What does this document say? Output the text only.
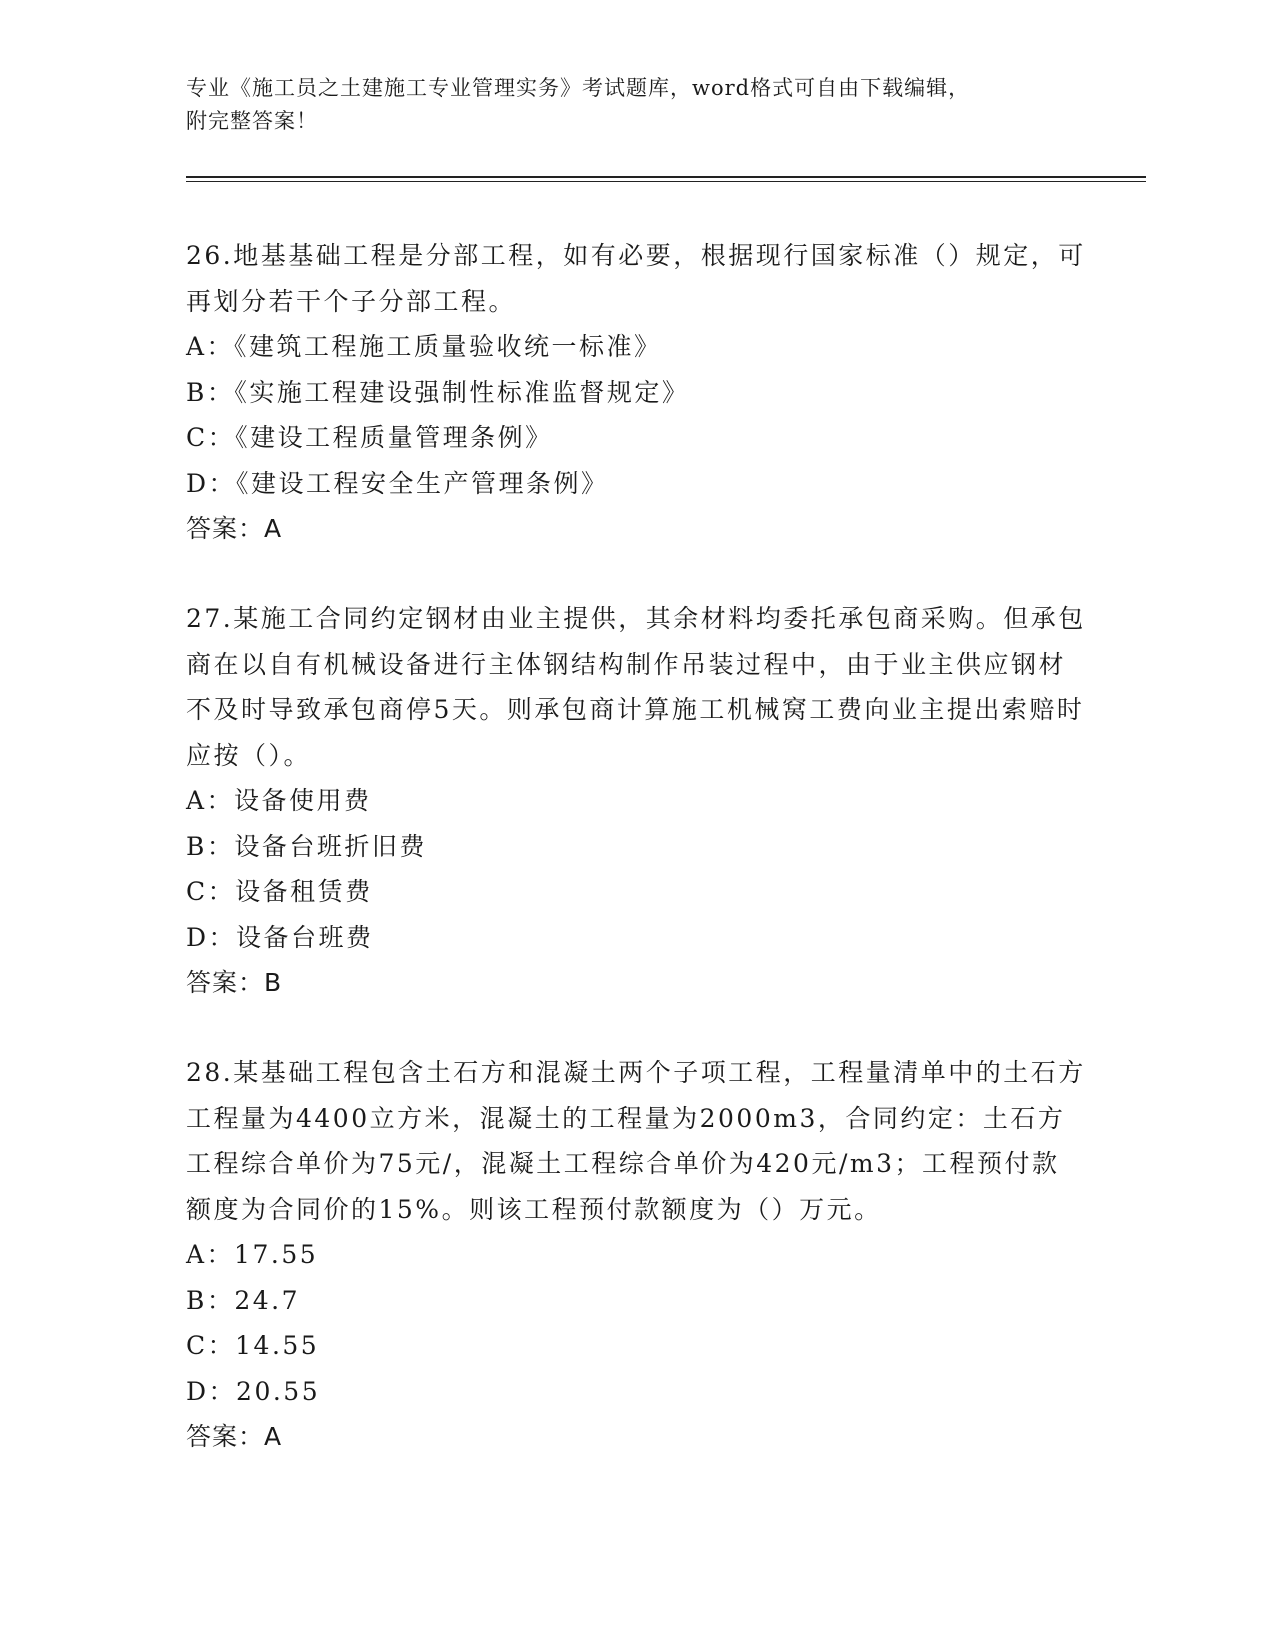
专业《施工员之土建施工专业管理实务》考试题库，word格式可自由下载编辑，
附完整答案！

26.地基基础工程是分部工程，如有必要，根据现行国家标准（）规定，可再划分若干个子分部工程。

A：《建筑工程施工质量验收统一标准》

B：《实施工程建设强制性标准监督规定》

C：《建设工程质量管理条例》

D：《建设工程安全生产管理条例》

答案：A

27.某施工合同约定钢材由业主提供，其余材料均委托承包商采购。但承包商在以自有机械设备进行主体钢结构制作吊装过程中，由于业主供应钢材不及时导致承包商停5天。则承包商计算施工机械窝工费向业主提出索赔时应按（）。

A：设备使用费

B：设备台班折旧费

C：设备租赁费

D：设备台班费

答案：B

28.某基础工程包含土石方和混凝土两个子项工程，工程量清单中的土石方工程量为4400立方米，混凝土的工程量为2000m3，合同约定：土石方工程综合单价为75元/，混凝土工程综合单价为420元/m3；工程预付款额度为合同价的15%。则该工程预付款额度为（）万元。

A：17.55

B：24.7

C：14.55

D：20.55

答案：A
